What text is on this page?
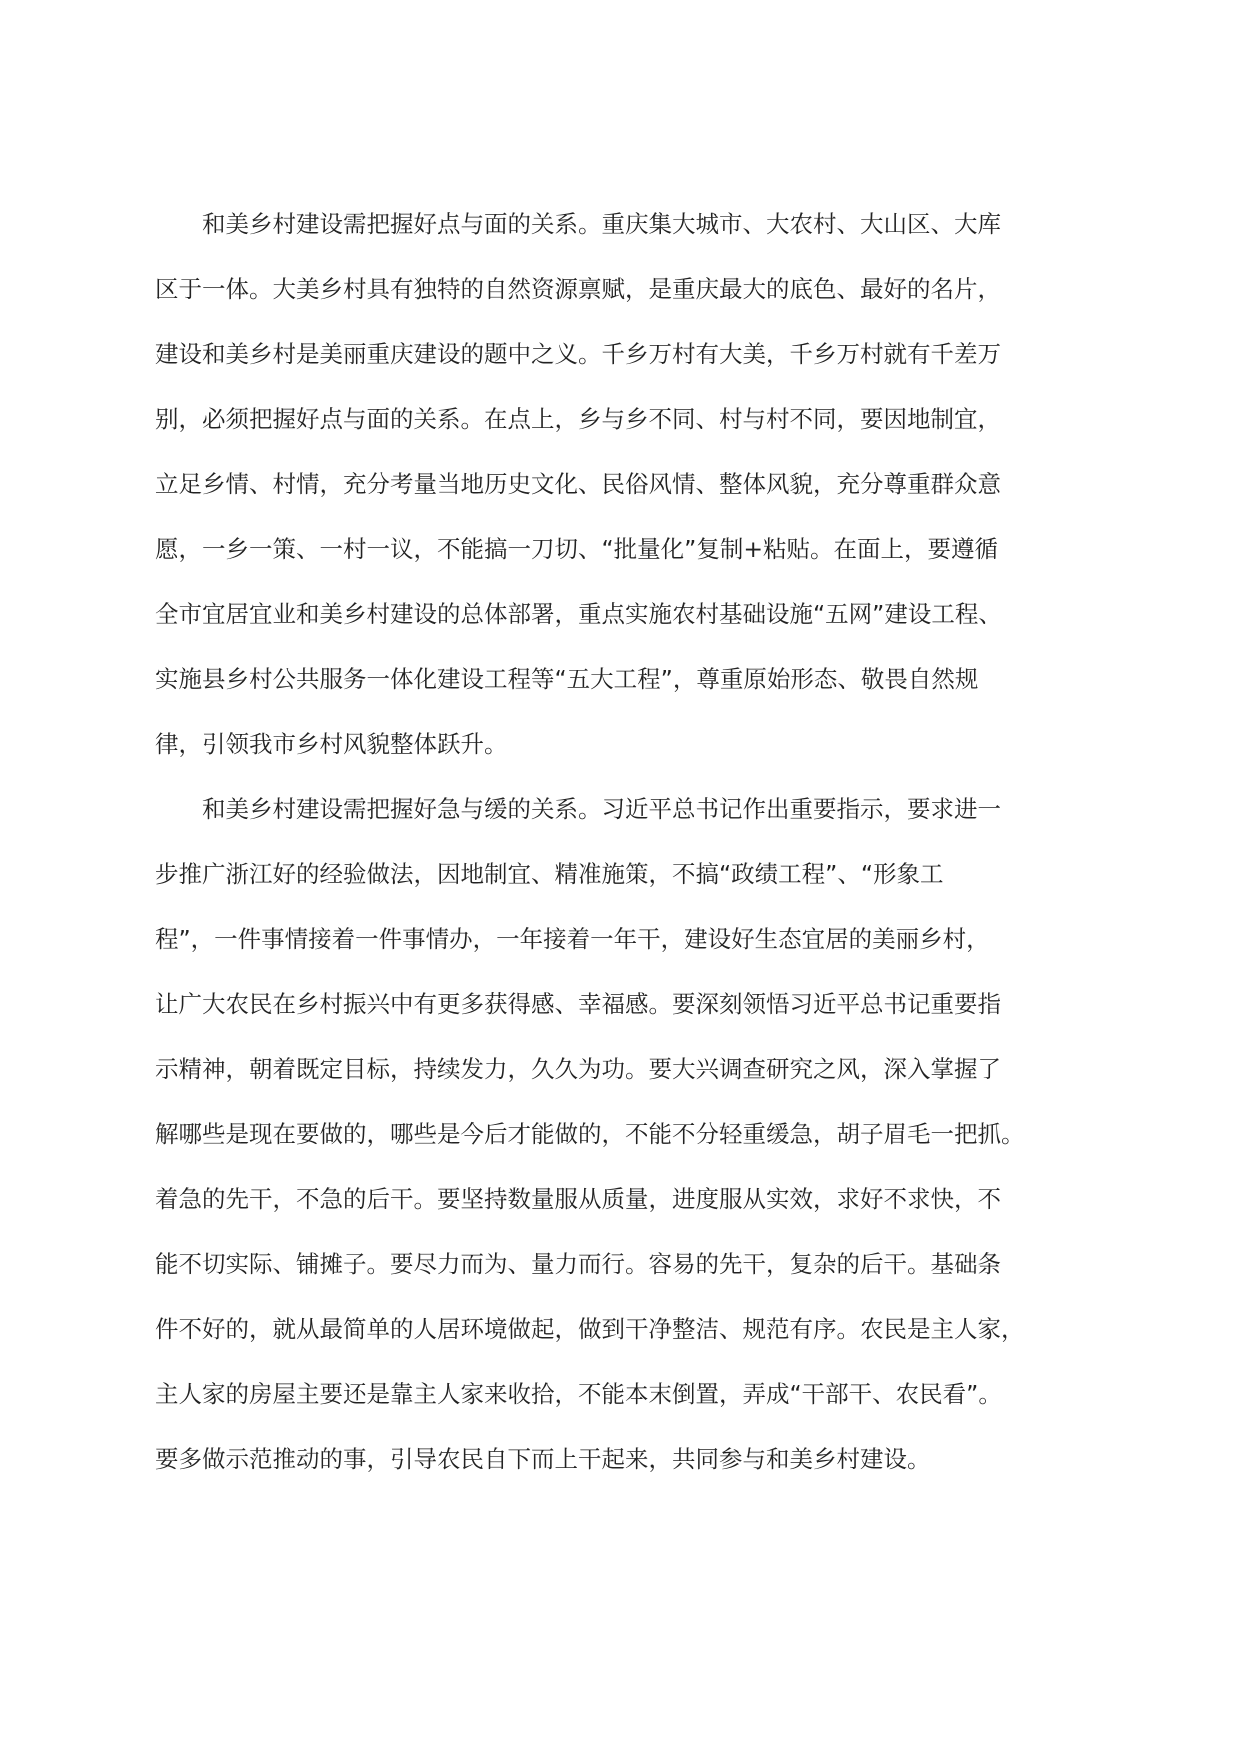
和美乡村建设需把握好点与面的关系。重庆集大城市、大农村、大山区、大库
区于一体。大美乡村具有独特的自然资源禀赋，是重庆最大的底色、最好的名片，
建设和美乡村是美丽重庆建设的题中之义。千乡万村有大美，千乡万村就有千差万
别，必须把握好点与面的关系。在点上，乡与乡不同、村与村不同，要因地制宜，
立足乡情、村情，充分考量当地历史文化、民俗风情、整体风貌，充分尊重群众意
愿，一乡一策、一村一议，不能搞一刀切、“批量化”复制+粘贴。在面上，要遵循
全市宜居宜业和美乡村建设的总体部署，重点实施农村基础设施“五网”建设工程、
实施县乡村公共服务一体化建设工程等“五大工程”，尊重原始形态、敬畏自然规
律，引领我市乡村风貌整体跃升。

和美乡村建设需把握好急与缓的关系。习近平总书记作出重要指示，要求进一
步推广浙江好的经验做法，因地制宜、精准施策，不搞“政绩工程”、“形象工
程”，一件事情接着一件事情办，一年接着一年干，建设好生态宜居的美丽乡村，
让广大农民在乡村振兴中有更多获得感、幸福感。要深刻领悟习近平总书记重要指
示精神，朝着既定目标，持续发力，久久为功。要大兴调查研究之风，深入掌握了
解哪些是现在要做的，哪些是今后才能做的，不能不分轻重缓急，胡子眉毛一把抓。
着急的先干，不急的后干。要坚持数量服从质量，进度服从实效，求好不求快，不
能不切实际、铺摊子。要尽力而为、量力而行。容易的先干，复杂的后干。基础条
件不好的，就从最简单的人居环境做起，做到干净整洁、规范有序。农民是主人家，
主人家的房屋主要还是靠主人家来收拾，不能本末倒置，弄成“干部干、农民看”。
要多做示范推动的事，引导农民自下而上干起来，共同参与和美乡村建设。
